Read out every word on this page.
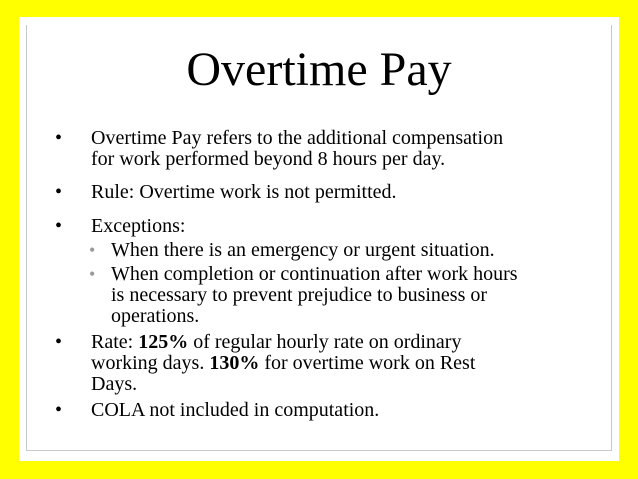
Overtime Pay
•	Overtime Pay refers to the additional compensation
for work performed beyond 8 hours per day.
•	Rule: Overtime work is not permitted.
•	Exceptions:
• When there is an emergency or urgent situation.
• When completion or continuation after work hours
is necessary to prevent prejudice to business or
operations.
•	Rate: 125% of regular hourly rate on ordinary
working days. 130% for overtime work on Rest
Days.
•	COLA not included in computation.
